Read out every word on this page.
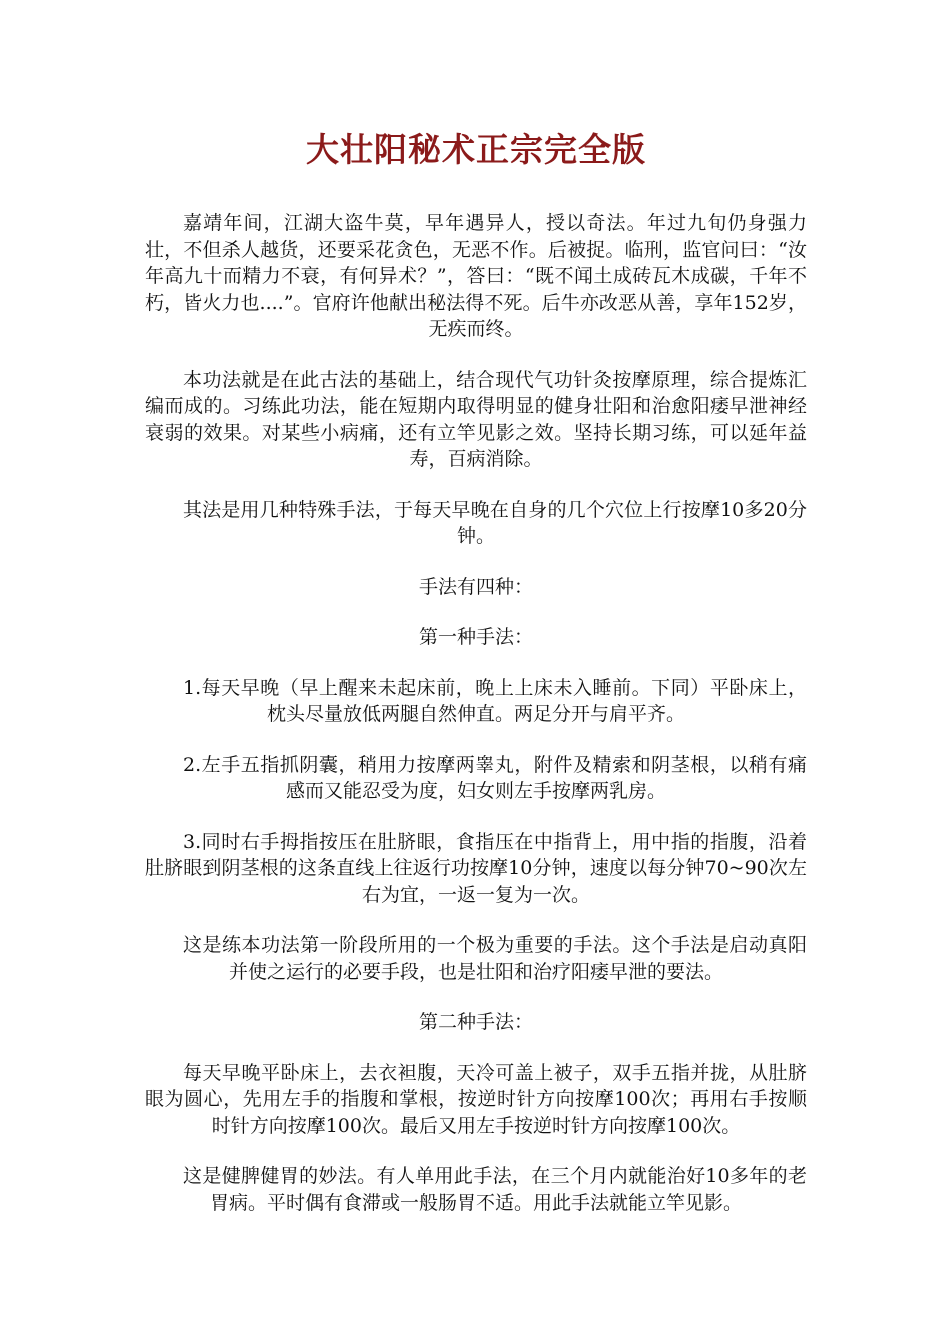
大壮阳秘术正宗完全版

嘉靖年间，江湖大盗牛莫，早年遇异人，授以奇法。年过九旬仍身强力壮，不但杀人越货，还要采花贪色，无恶不作。后被捉。临刑，监官问曰：“汝年高九十而精力不衰，有何异术？”，答曰：“既不闻土成砖瓦木成碳，千年不朽，皆火力也....”。官府许他献出秘法得不死。后牛亦改恶从善，享年152岁，无疾而终。

本功法就是在此古法的基础上，结合现代气功针灸按摩原理，综合提炼汇编而成的。习练此功法，能在短期内取得明显的健身壮阳和治愈阳痿早泄神经衰弱的效果。对某些小病痛，还有立竿见影之效。坚持长期习练，可以延年益寿，百病消除。

其法是用几种特殊手法，于每天早晚在自身的几个穴位上行按摩10多20分钟。

手法有四种：

第一种手法：

1.每天早晚（早上醒来未起床前，晚上上床未入睡前。下同）平卧床上，枕头尽量放低两腿自然伸直。两足分开与肩平齐。

2.左手五指抓阴囊，稍用力按摩两睾丸，附件及精索和阴茎根，以稍有痛感而又能忍受为度，妇女则左手按摩两乳房。

3.同时右手拇指按压在肚脐眼，食指压在中指背上，用中指的指腹，沿着肚脐眼到阴茎根的这条直线上往返行功按摩10分钟，速度以每分钟70~90次左右为宜，一返一复为一次。

这是练本功法第一阶段所用的一个极为重要的手法。这个手法是启动真阳并使之运行的必要手段，也是壮阳和治疗阳痿早泄的要法。

第二种手法：

每天早晚平卧床上，去衣袒腹，天冷可盖上被子，双手五指并拢，从肚脐眼为圆心，先用左手的指腹和掌根，按逆时针方向按摩100次；再用右手按顺时针方向按摩100次。最后又用左手按逆时针方向按摩100次。

这是健脾健胃的妙法。有人单用此手法，在三个月内就能治好10多年的老胃病。平时偶有食滞或一般肠胃不适。用此手法就能立竿见影。
